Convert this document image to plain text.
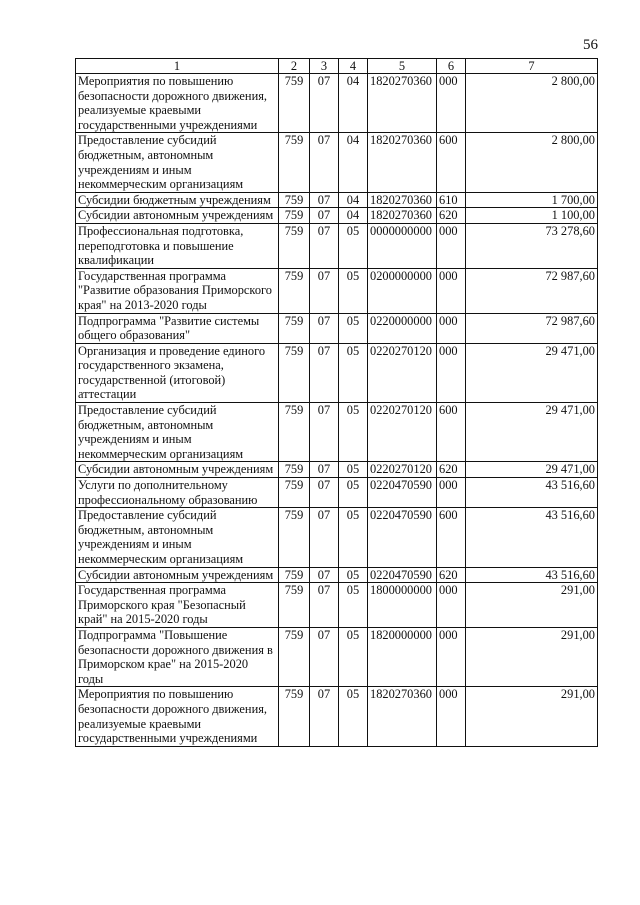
56
1	2	3	4	5	6	7
Мероприятия по повышению безопасности дорожного движения, реализуемые краевыми государственными учреждениями	759	07	04	1820270360	000	2 800,00
Предоставление субсидий бюджетным, автономным учреждениям и иным некоммерческим организациям	759	07	04	1820270360	600	2 800,00
Субсидии бюджетным учреждениям	759	07	04	1820270360	610	1 700,00
Субсидии автономным учреждениям	759	07	04	1820270360	620	1 100,00
Профессиональная подготовка, переподготовка и повышение квалификации	759	07	05	0000000000	000	73 278,60
Государственная программа "Развитие образования Приморского края" на 2013-2020 годы	759	07	05	0200000000	000	72 987,60
Подпрограмма "Развитие системы общего образования"	759	07	05	0220000000	000	72 987,60
Организация и проведение единого государственного экзамена, государственной (итоговой) аттестации	759	07	05	0220270120	000	29 471,00
Предоставление субсидий бюджетным, автономным учреждениям и иным некоммерческим организациям	759	07	05	0220270120	600	29 471,00
Субсидии автономным учреждениям	759	07	05	0220270120	620	29 471,00
Услуги по дополнительному профессиональному образованию	759	07	05	0220470590	000	43 516,60
Предоставление субсидий бюджетным, автономным учреждениям и иным некоммерческим организациям	759	07	05	0220470590	600	43 516,60
Субсидии автономным учреждениям	759	07	05	0220470590	620	43 516,60
Государственная программа Приморского края "Безопасный край" на 2015-2020 годы	759	07	05	1800000000	000	291,00
Подпрограмма "Повышение безопасности дорожного движения в Приморском крае" на 2015-2020 годы	759	07	05	1820000000	000	291,00
Мероприятия по повышению безопасности дорожного движения, реализуемые краевыми государственными учреждениями	759	07	05	1820270360	000	291,00
